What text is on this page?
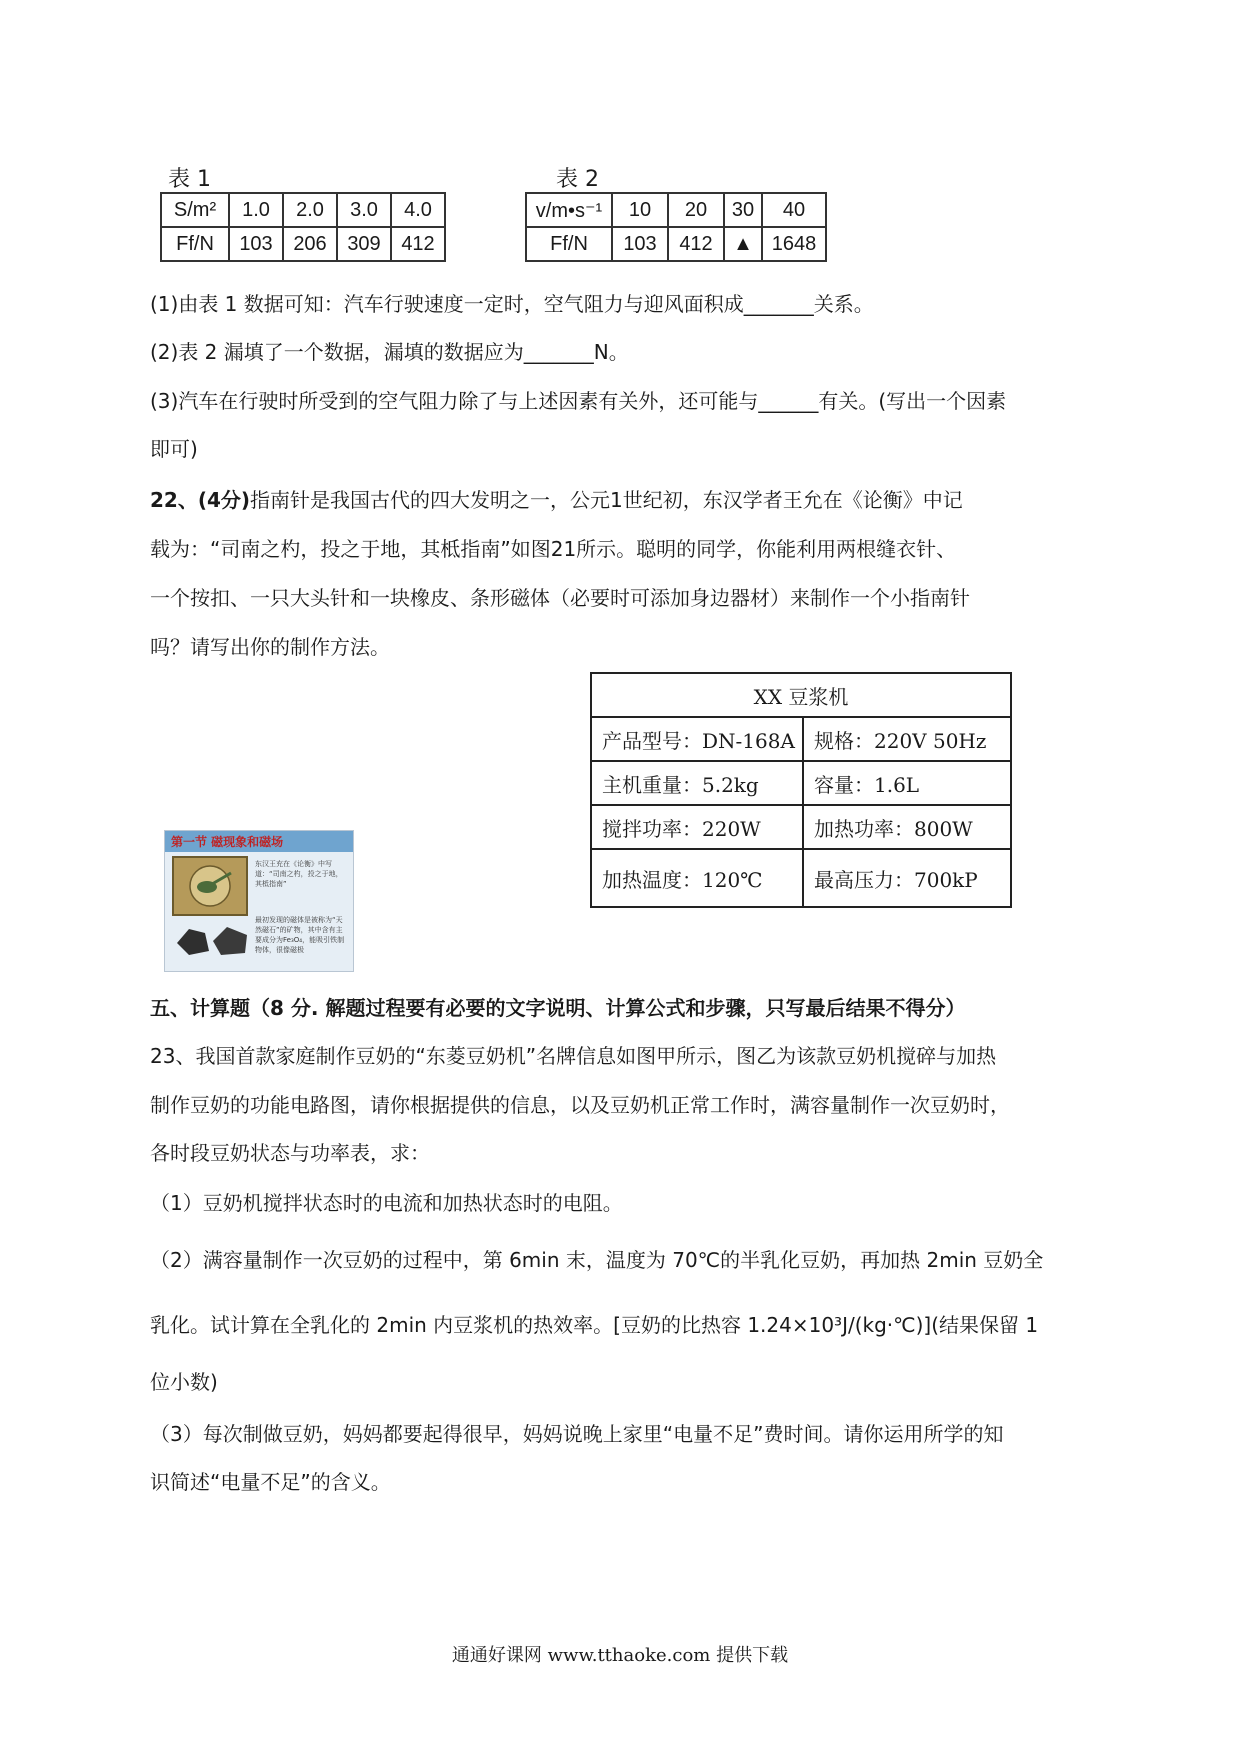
表 1
S/m²	1.0	2.0	3.0	4.0
Ff/N	103	206	309	412
表 2
v/m•s⁻¹	10	20	30	40
Ff/N	103	412	▲	1648
(1)由表 1 数据可知：汽车行驶速度一定时，空气阻力与迎风面积成_______关系。
(2)表 2 漏填了一个数据，漏填的数据应为_______N。
(3)汽车在行驶时所受到的空气阻力除了与上述因素有关外，还可能与______有关。(写出一个因素
即可)
22、(4分)指南针是我国古代的四大发明之一，公元1世纪初，东汉学者王允在《论衡》中记
载为：“司南之杓，投之于地，其柢指南”如图21所示。聪明的同学，你能利用两根缝衣针、
一个按扣、一只大头针和一块橡皮、条形磁体（必要时可添加身边器材）来制作一个小指南针
吗？请写出你的制作方法。
XX 豆浆机	
产品型号：DN-168A	规格：220V 50Hz
主机重量：5.2kg	容量：1.6L
搅拌功率：220W	加热功率：800W
加热温度：120℃	最高压力：700kP
第一节 磁现象和磁场
东汉王充在《论衡》中写道：“司南之杓，投之于地，其柢指南”
最初发现的磁体是被称为“天然磁石”的矿物，其中含有主要成分为Fe₃O₄，能吸引铁制物体，很像磁极
五、计算题（8 分. 解题过程要有必要的文字说明、计算公式和步骤，只写最后结果不得分）
23、我国首款家庭制作豆奶的“东菱豆奶机”名牌信息如图甲所示，图乙为该款豆奶机搅碎与加热
制作豆奶的功能电路图，请你根据提供的信息，以及豆奶机正常工作时，满容量制作一次豆奶时，
各时段豆奶状态与功率表，求：
（1）豆奶机搅拌状态时的电流和加热状态时的电阻。
（2）满容量制作一次豆奶的过程中，第 6min 末，温度为 70℃的半乳化豆奶，再加热 2min 豆奶全
乳化。试计算在全乳化的 2min 内豆浆机的热效率。[豆奶的比热容 1.24×10³J/(kg·℃)](结果保留 1
位小数)
（3）每次制做豆奶，妈妈都要起得很早，妈妈说晚上家里“电量不足”费时间。请你运用所学的知
识简述“电量不足”的含义。
通通好课网 www.tthaoke.com 提供下载
